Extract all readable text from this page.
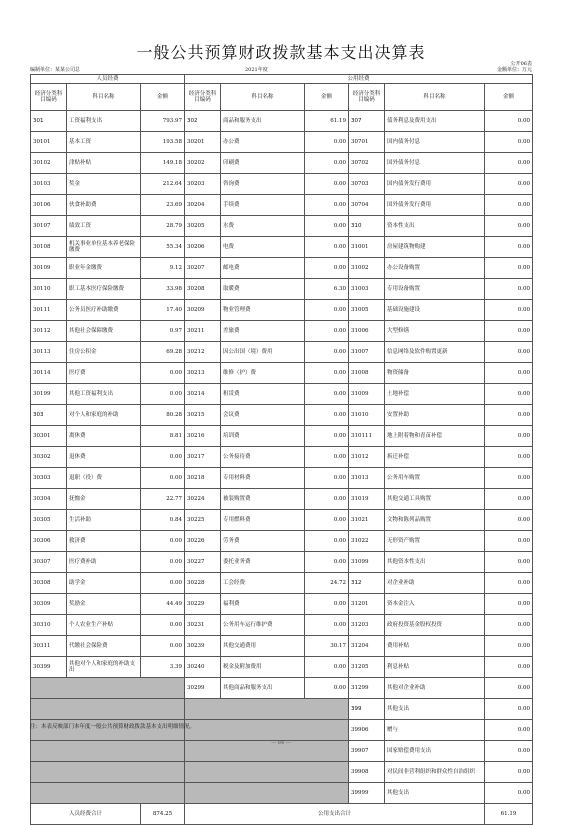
一般公共预算财政拨款基本支出决算表
公开06表
编制单位：某某公司总	2021年度	金额单位：万元
人员经费			公用经费					
经济分类科目编码	科目名称	金额	经济分类科目编码	科目名称	金额	经济分类科目编码	科目名称	金额
301	工资福利支出	793.97	302	商品和服务支出	61.19	307	债务利息及费用支出	0.00
30101	基本工资	193.58	30201	办公费	0.00	30701	国内债务付息	0.00
30102	津贴补贴	149.18	30202	印刷费	0.00	30702	国外债务付息	0.00
30103	奖金	212.64	30203	咨询费	0.00	30703	国内债务发行费用	0.00
30106	伙食补助费	23.69	30204	手续费	0.00	30704	国外债务发行费用	0.00
30107	绩效工资	28.79	30205	水费	0.00	310	资本性支出	0.00
30108	机关事业单位基本养老保险缴费	55.34	30206	电费	0.00	31001	房屋建筑物购建	0.00
30109	职业年金缴费	9.12	30207	邮电费	0.00	31002	办公设备购置	0.00
30110	职工基本医疗保险缴费	33.98	30208	取暖费	6.30	31003	专用设备购置	0.00
30111	公务员医疗补助缴费	17.40	30209	物业管理费	0.00	31005	基础设施建设	0.00
30112	其他社会保障缴费	0.97	30211	差旅费	0.00	31006	大型修缮	0.00
30113	住房公积金	69.28	30212	因公出国（境）费用	0.00	31007	信息网络及软件购置更新	0.00
30114	医疗费	0.00	30213	维修（护）费	0.00	31008	物资储备	0.00
30199	其他工资福利支出	0.00	30214	租赁费	0.00	31009	土地补偿	0.00
303	对个人和家庭的补助	80.28	30215	会议费	0.00	31010	安置补助	0.00
30301	离休费	8.81	30216	培训费	0.00	310111	地上附着物和青苗补偿	0.00
30302	退休费	0.00	30217	公务接待费	0.00	31012	拆迁补偿	0.00
30303	退职（役）费	0.00	30218	专用材料费	0.00	31013	公务用车购置	0.00
30304	抚恤金	22.77	30224	被装购置费	0.00	31019	其他交通工具购置	0.00
30305	生活补助	0.84	30225	专用燃料费	0.00	31021	文物和陈列品购置	0.00
30306	救济费	0.00	30226	劳务费	0.00	31022	无形资产购置	0.00
30307	医疗费补助	0.00	30227	委托业务费	0.00	31099	其他资本性支出	0.00
30308	助学金	0.00	30228	工会经费	24.72	312	对企业补助	0.00
30309	奖励金	44.49	30229	福利费	0.00	31201	资本金注入	0.00
30310	个人农业生产补贴	0.00	30231	公务用车运行维护费	0.00	31203	政府投资基金股权投资	0.00
30311	代缴社会保险费	0.00	30239	其他交通费用	30.17	31204	费用补贴	0.00
30399	其他对个人和家庭的补助支出	3.39	30240	税金及附加费用	0.00	31205	利息补贴	0.00
			30299	其他商品和服务支出	0.00	31299	其他对企业补助	0.00
						399	其他支出	0.00
						39906	赠与	0.00
						39907	国家赔偿费用支出	0.00
						39908	对民间非营利组织和群众性自治组织	0.00
						39999	其他支出	0.00
人员经费合计		874.25	公用支出合计					61.19
注：本表反映部门本年度一般公共预算财政拨款基本支出明细情况。
— 84 —
